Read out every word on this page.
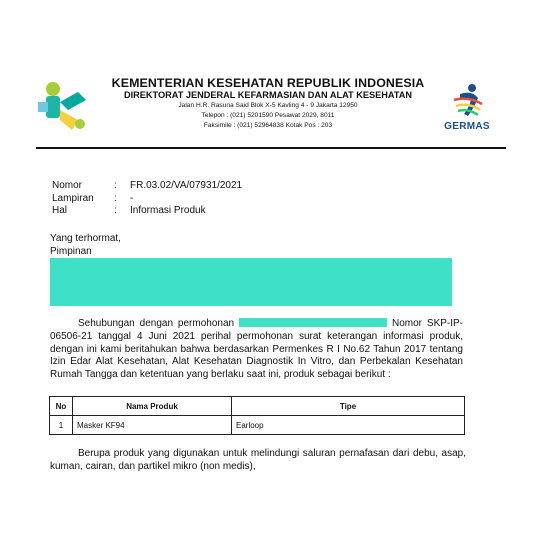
KEMENTERIAN KESEHATAN REPUBLIK INDONESIA
DIREKTORAT JENDERAL KEFARMASIAN DAN ALAT KESEHATAN
Jalan H.R. Rasuna Said Blok X-5 Kavling 4 - 9 Jakarta 12950
Telepon : (021) 5201590 Pesawat 2029, 8011
Faksimile : (021) 52964838 Kotak Pos : 203	GERMAS
Nomor	:	FR.03.02/VA/07931/2021
Lampiran	:	-
Hal	:	Informasi Produk
Yang terhormat,
Pimpinan
Sehubungan dengan permohonan	Nomor SKP-IP-06506-21 tanggal 4 Juni 2021 perihal permohonan surat keterangan informasi produk, dengan ini kami beritahukan bahwa berdasarkan Permenkes R I No.62 Tahun 2017 tentang Izin Edar Alat Kesehatan, Alat Kesehatan Diagnostik In Vitro, dan Perbekalan Kesehatan Rumah Tangga dan ketentuan yang berlaku saat ini, produk sebagai berikut :
No	Nama Produk	Tipe
1	Masker KF94	Earloop
Berupa produk yang digunakan untuk melindungi saluran pernafasan dari debu, asap, kuman, cairan, dan partikel mikro (non medis),
